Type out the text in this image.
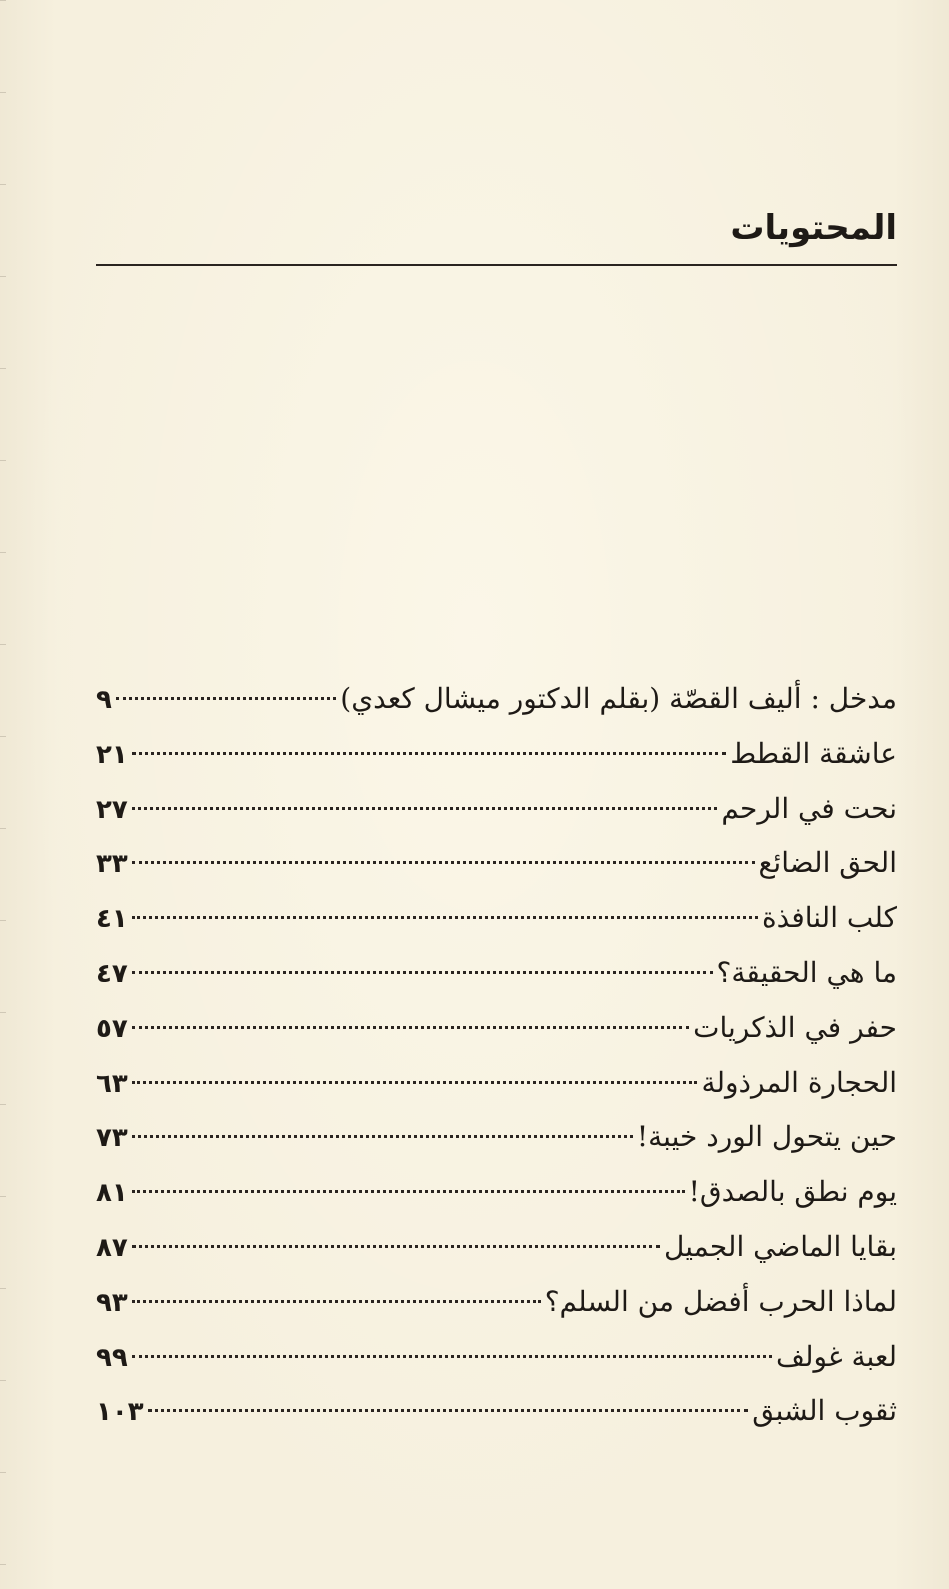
المحتويات
مدخل : أليف القصّة (بقلم الدكتور ميشال كعدي)
٩
عاشقة القطط
٢١
نحت في الرحم
٢٧
الحق الضائع
٣٣
كلب النافذة
٤١
ما هي الحقيقة؟
٤٧
حفر في الذكريات
٥٧
الحجارة المرذولة
٦٣
حين يتحول الورد خيبة!
٧٣
يوم نطق بالصدق!
٨١
بقايا الماضي الجميل
٨٧
لماذا الحرب أفضل من السلم؟
٩٣
لعبة غولف
٩٩
ثقوب الشبق
١٠٣
